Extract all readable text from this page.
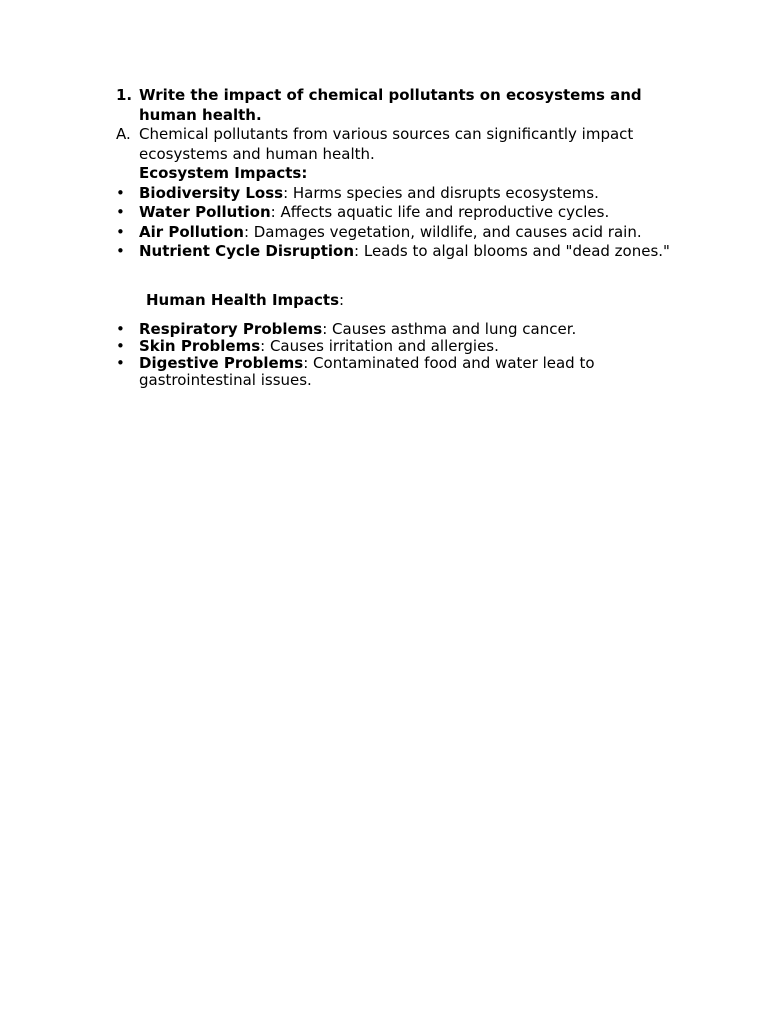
1. Write the impact of chemical pollutants on ecosystems and human health.
A. Chemical pollutants from various sources can significantly impact ecosystems and human health.
Ecosystem Impacts:
• Biodiversity Loss: Harms species and disrupts ecosystems.
• Water Pollution: Affects aquatic life and reproductive cycles.
• Air Pollution: Damages vegetation, wildlife, and causes acid rain.
• Nutrient Cycle Disruption: Leads to algal blooms and "dead zones."
Human Health Impacts:
• Respiratory Problems: Causes asthma and lung cancer.
• Skin Problems: Causes irritation and allergies.
• Digestive Problems: Contaminated food and water lead to gastrointestinal issues.
